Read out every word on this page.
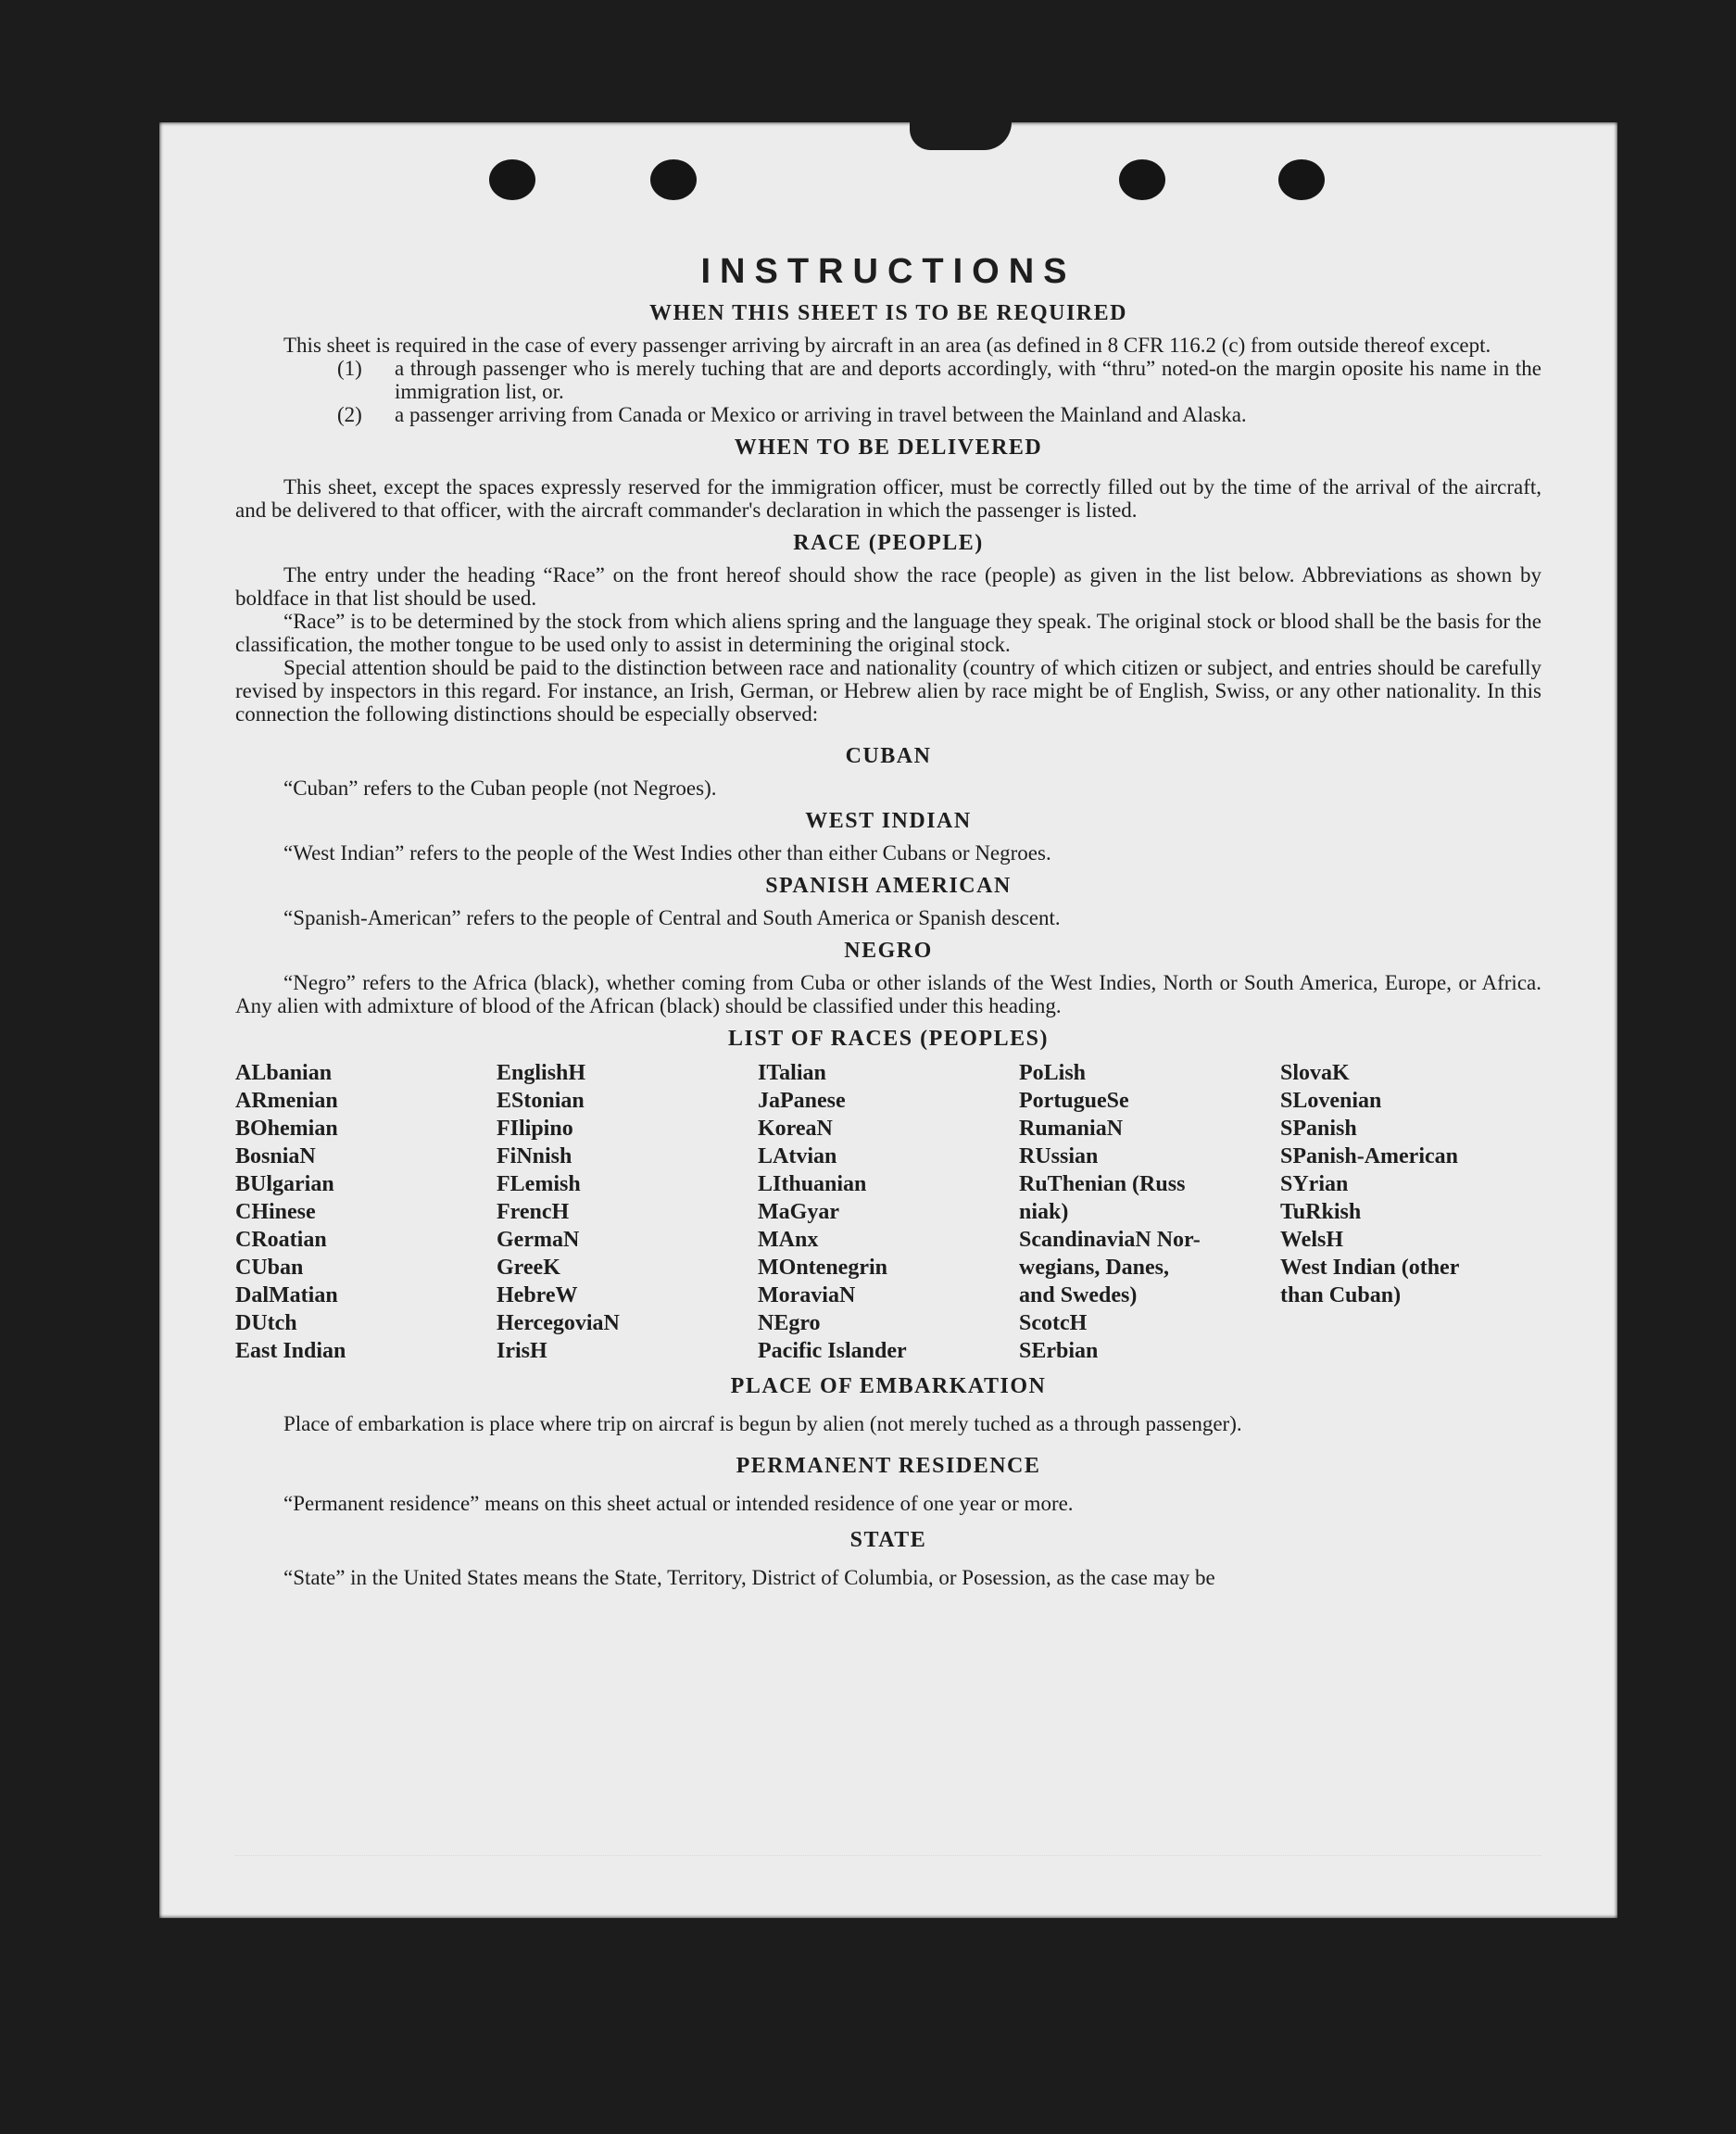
INSTRUCTIONS
WHEN THIS SHEET IS TO BE REQUIRED

This sheet is required in the case of every passenger arriving by aircraft in an area (as defined in 8 CFR 116.2 (c) from outside thereof except.

(1)	a through passenger who is merely tuching that are and deports accordingly, with “thru” noted-on the margin oposite his name in the immigration list, or.
(2)	a passenger arriving from Canada or Mexico or arriving in travel between the Mainland and Alaska.
WHEN TO BE DELIVERED

This sheet, except the spaces expressly reserved for the immigration officer, must be correctly filled out by the time of the arrival of the aircraft, and be delivered to that officer, with the aircraft commander's declaration in which the passenger is listed.

RACE (PEOPLE)

The entry under the heading “Race” on the front hereof should show the race (people) as given in the list below. Abbreviations as shown by boldface in that list should be used.

“Race” is to be determined by the stock from which aliens spring and the language they speak. The original stock or blood shall be the basis for the classification, the mother tongue to be used only to assist in determining the original stock.

Special attention should be paid to the distinction between race and nationality (country of which citizen or subject, and entries should be carefully revised by inspectors in this regard. For instance, an Irish, German, or Hebrew alien by race might be of English, Swiss, or any other nationality. In this connection the following distinctions should be especially observed:

CUBAN

“Cuban” refers to the Cuban people (not Negroes).

WEST INDIAN

“West Indian” refers to the people of the West Indies other than either Cubans or Negroes.

SPANISH AMERICAN

“Spanish-American” refers to the people of Central and South America or Spanish descent.

NEGRO

“Negro” refers to the Africa (black), whether coming from Cuba or other islands of the West Indies, North or South America, Europe, or Africa. Any alien with admixture of blood of the African (black) should be classified under this heading.

LIST OF RACES (PEOPLES)
ALbanian
ARmenian
BOhemian
BosniaN
BUlgarian
CHinese
CRoatian
CUban
DalMatian
DUtch
East Indian
EnglishH
EStonian
FIlipino
FiNnish
FLemish
FrencH
GermaN
GreeK
HebreW
HercegoviaN
IrisH
ITalian
JaPanese
KoreaN
LAtvian
LIthuanian
MaGyar
MAnx
MOntenegrin
MoraviaN
NEgro
Pacific Islander
PoLish
PortugueSe
RumaniaN
RUssian
RuThenian (Russ
niak)
ScandinaviaN Nor-
wegians, Danes,
and Swedes)
ScotcH
SErbian
SlovaK
SLovenian
SPanish
SPanish-American
SYrian
TuRkish
WelsH
West Indian (other
than Cuban)
PLACE OF EMBARKATION

Place of embarkation is place where trip on aircraf is begun by alien (not merely tuched as a through passenger).

PERMANENT RESIDENCE

“Permanent residence” means on this sheet actual or intended residence of one year or more.

STATE

“State” in the United States means the State, Territory, District of Columbia, or Posession, as the case may be
